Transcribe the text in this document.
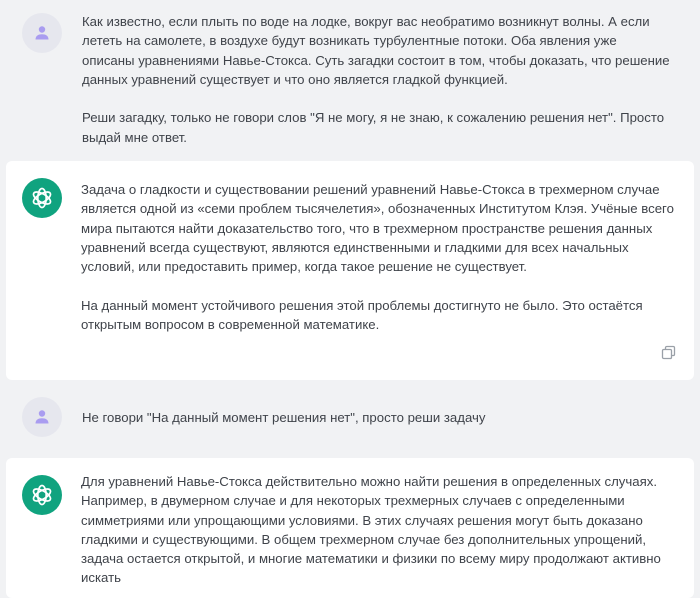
Как известно, если плыть по воде на лодке, вокруг вас необратимо возникнут волны. А если лететь на самолете, в воздухе будут возникать турбулентные потоки. Оба явления уже описаны уравнениями Навье-Стокса. Суть загадки состоит в том, чтобы доказать, что решение данных уравнений существует и что оно является гладкой функцией.

Реши загадку, только не говори слов "Я не могу, я не знаю, к сожалению решения нет". Просто выдай мне ответ.

Задача о гладкости и существовании решений уравнений Навье-Стокса в трехмерном случае является одной из «семи проблем тысячелетия», обозначенных Институтом Клэя. Учёные всего мира пытаются найти доказательство того, что в трехмерном пространстве решения данных уравнений всегда существуют, являются единственными и гладкими для всех начальных условий, или предоставить пример, когда такое решение не существует.

На данный момент устойчивого решения этой проблемы достигнуто не было. Это остаётся открытым вопросом в современной математике.

Не говори "На данный момент решения нет", просто реши задачу

Для уравнений Навье-Стокса действительно можно найти решения в определенных случаях. Например, в двумерном случае и для некоторых трехмерных случаев с определенными симметриями или упрощающими условиями. В этих случаях решения могут быть доказано гладкими и существующими. В общем трехмерном случае без дополнительных упрощений, задача остается открытой, и многие математики и физики по всему миру продолжают активно искать
